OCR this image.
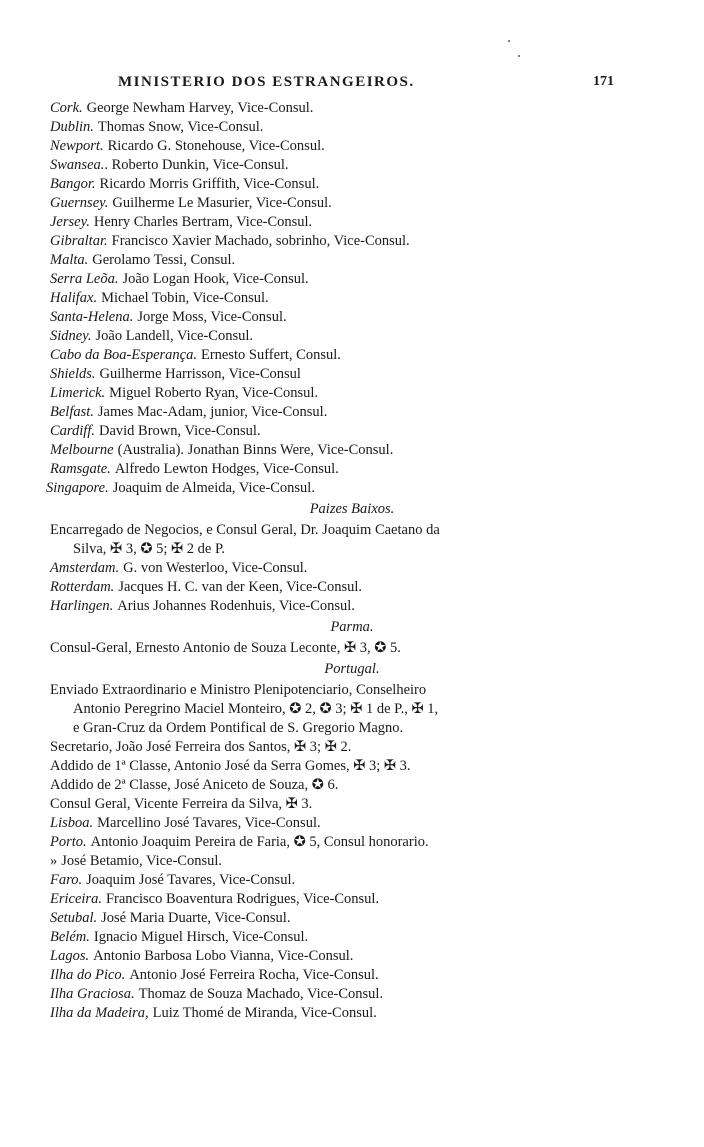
MINISTERIO DOS ESTRANGEIROS.	171
Cork. George Newham Harvey, Vice-Consul.
Dublin. Thomas Snow, Vice-Consul.
Newport. Ricardo G. Stonehouse, Vice-Consul.
Swansea.. Roberto Dunkin, Vice-Consul.
Bangor. Ricardo Morris Griffith, Vice-Consul.
Guernsey. Guilherme Le Masurier, Vice-Consul.
Jersey. Henry Charles Bertram, Vice-Consul.
Gibraltar. Francisco Xavier Machado, sobrinho, Vice-Consul.
Malta. Gerolamo Tessi, Consul.
Serra Leõa. João Logan Hook, Vice-Consul.
Halifax. Michael Tobin, Vice-Consul.
Santa-Helena. Jorge Moss, Vice-Consul.
Sidney. João Landell, Vice-Consul.
Cabo da Boa-Esperança. Ernesto Suffert, Consul.
Shields. Guilherme Harrisson, Vice-Consul
Limerick. Miguel Roberto Ryan, Vice-Consul.
Belfast. James Mac-Adam, junior, Vice-Consul.
Cardiff. David Brown, Vice-Consul.
Melbourne (Australia). Jonathan Binns Were, Vice-Consul.
Ramsgate. Alfredo Lewton Hodges, Vice-Consul.
Singapore. Joaquim de Almeida, Vice-Consul.
Paizes Baixos.
Encarregado de Negocios, e Consul Geral, Dr. Joaquim Caetano da
Silva, ✠ 3, ✪ 5; ✠ 2 de P.
Amsterdam. G. von Westerloo, Vice-Consul.
Rotterdam. Jacques H. C. van der Keen, Vice-Consul.
Harlingen. Arius Johannes Rodenhuis, Vice-Consul.
Parma.
Consul-Geral, Ernesto Antonio de Souza Leconte, ✠ 3, ✪ 5.
Portugal.
Enviado Extraordinario e Ministro Plenipotenciario, Conselheiro
Antonio Peregrino Maciel Monteiro, ✪ 2, ✪ 3; ✠ 1 de P., ✠ 1,
e Gran-Cruz da Ordem Pontifical de S. Gregorio Magno.
Secretario, João José Ferreira dos Santos, ✠ 3; ✠ 2.
Addido de 1ª Classe, Antonio José da Serra Gomes, ✠ 3; ✠ 3.
Addido de 2ª Classe, José Aniceto de Souza, ✪ 6.
Consul Geral, Vicente Ferreira da Silva, ✠ 3.
Lisboa. Marcellino José Tavares, Vice-Consul.
Porto. Antonio Joaquim Pereira de Faria, ✪ 5, Consul honorario.
» José Betamio, Vice-Consul.
Faro. Joaquim José Tavares, Vice-Consul.
Ericeira. Francisco Boaventura Rodrigues, Vice-Consul.
Setubal. José Maria Duarte, Vice-Consul.
Belém. Ignacio Miguel Hirsch, Vice-Consul.
Lagos. Antonio Barbosa Lobo Vianna, Vice-Consul.
Ilha do Pico. Antonio José Ferreira Rocha, Vice-Consul.
Ilha Graciosa. Thomaz de Souza Machado, Vice-Consul.
Ilha da Madeira, Luiz Thomé de Miranda, Vice-Consul.
